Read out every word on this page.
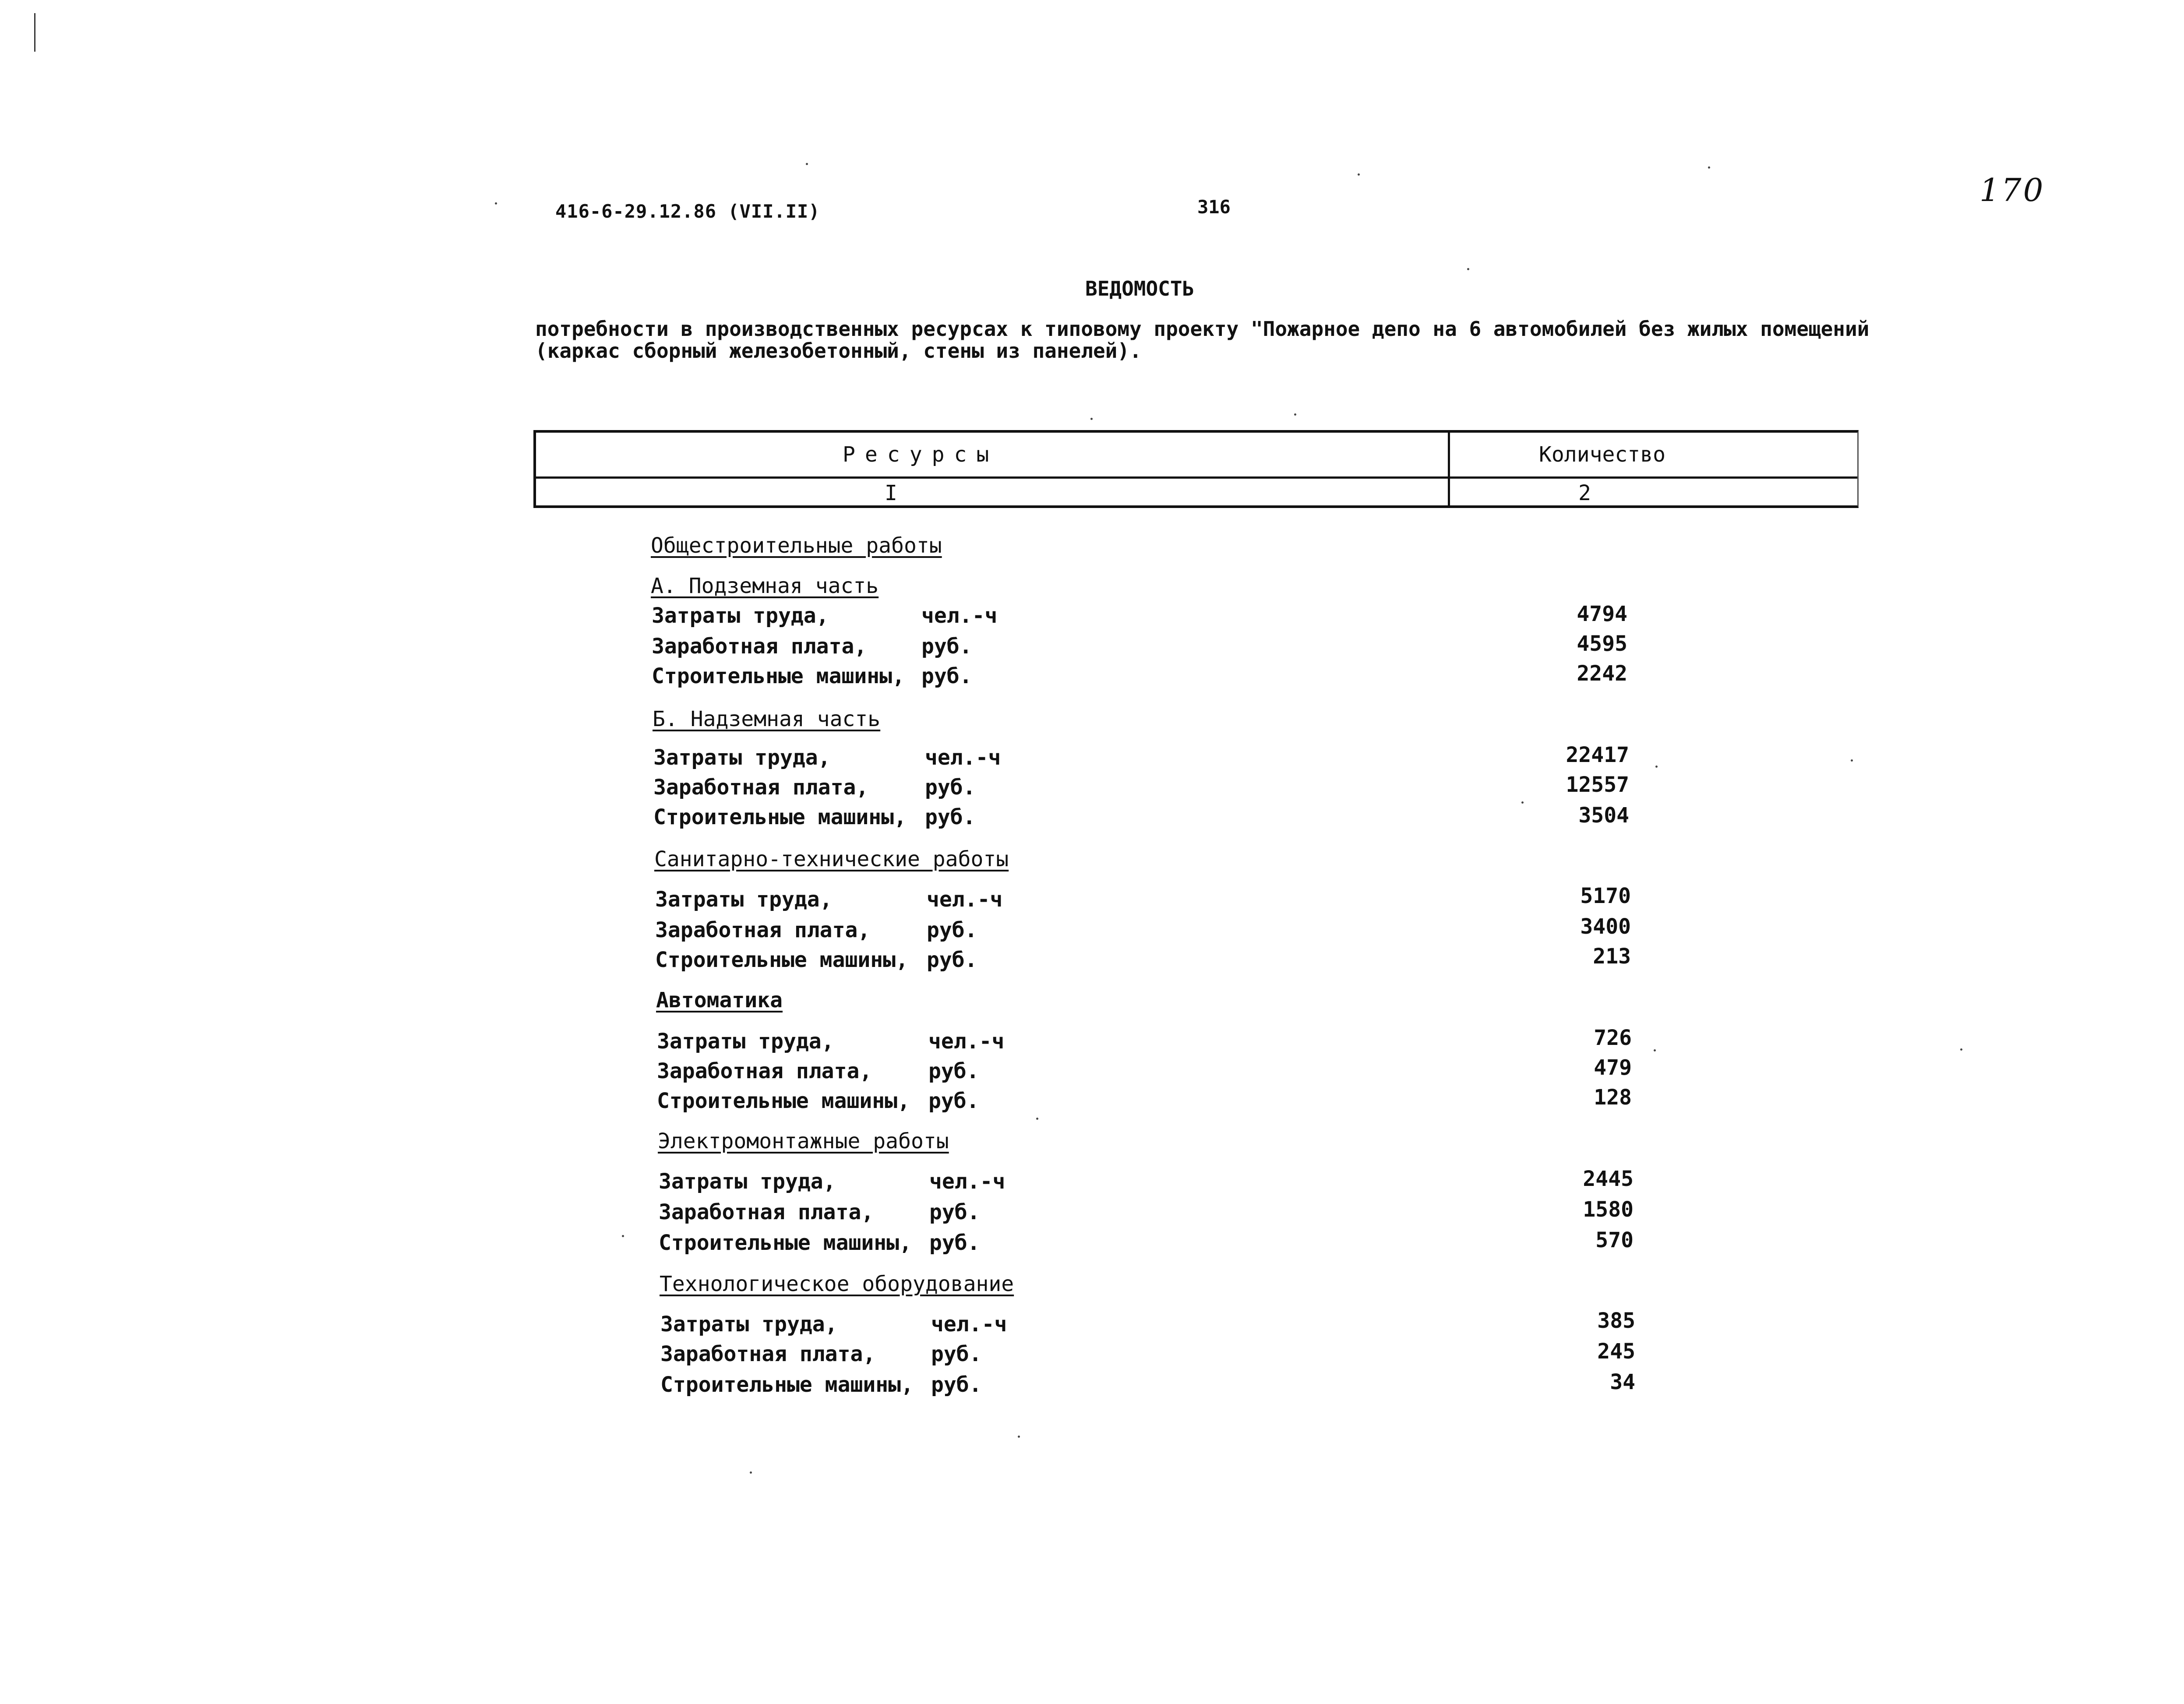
416-6-29.12.86 (VII.II)	316	170
ВЕДОМОСТЬ
потребности в производственных ресурсах к типовому проекту "Пожарное депо на 6 автомобилей без жилых помещений (каркас сборный железобетонный, стены из панелей).
Ресурсы	Количество
I	2
Общестроительные работы
А. Подземная часть
Затраты труда,	чел.-ч	4794
Заработная плата,	руб.	4595
Строительные машины, руб.	2242
Б. Надземная часть
Затраты труда,	чел.-ч	22417
Заработная плата,	руб.	12557
Строительные машины, руб.	3504
Санитарно-технические работы
Затраты труда,	чел.-ч	5170
Заработная плата,	руб.	3400
Строительные машины, руб.	213
Автоматика
Затраты труда,	чел.-ч	726
Заработная плата,	руб.	479
Строительные машины, руб.	128
Электромонтажные работы
Затраты труда,	чел.-ч	2445
Заработная плата,	руб.	1580
Строительные машины, руб.	570
Технологическое оборудование
Затраты труда,	чел.-ч	385
Заработная плата,	руб.	245
Строительные машины, руб.	34
